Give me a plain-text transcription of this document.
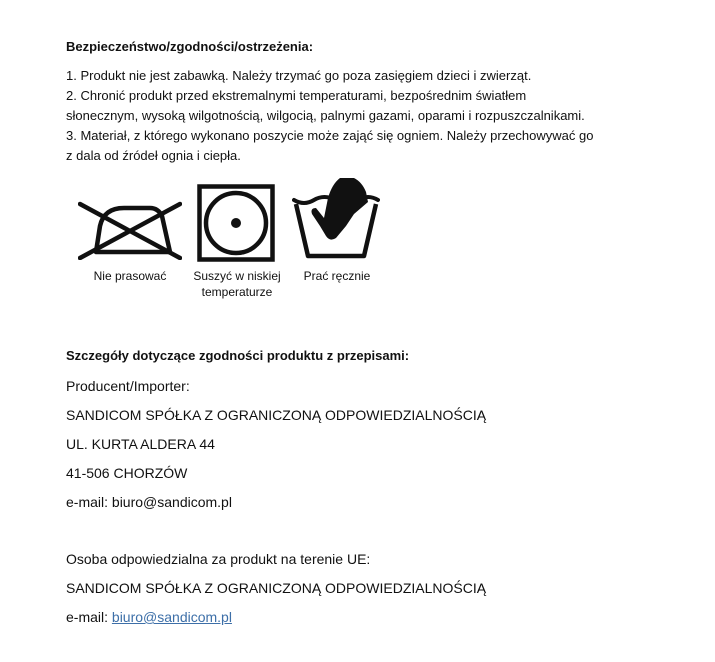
Bezpieczeństwo/zgodności/ostrzeżenia:
1. Produkt nie jest zabawką. Należy trzymać go poza zasięgiem dzieci i zwierząt.
2. Chronić produkt przed ekstremalnymi temperaturami, bezpośrednim światłem
słonecznym, wysoką wilgotnością, wilgocią, palnymi gazami, oparami i rozpuszczalnikami.
3. Materiał, z którego wykonano poszycie może zająć się ogniem. Należy przechowywać go
z dala od źródeł ognia i ciepła.
Nie prasować	Suszyć w niskiej
temperaturze
Prać ręcznie
Szczegóły dotyczące zgodności produktu z przepisami:
Producent/Importer:
SANDICOM SPÓŁKA Z OGRANICZONĄ ODPOWIEDZIALNOŚCIĄ
UL. KURTA ALDERA 44
41-506 CHORZÓW
e-mail: biuro@sandicom.pl
Osoba odpowiedzialna za produkt na terenie UE:
SANDICOM SPÓŁKA Z OGRANICZONĄ ODPOWIEDZIALNOŚCIĄ
e-mail: biuro@sandicom.pl
